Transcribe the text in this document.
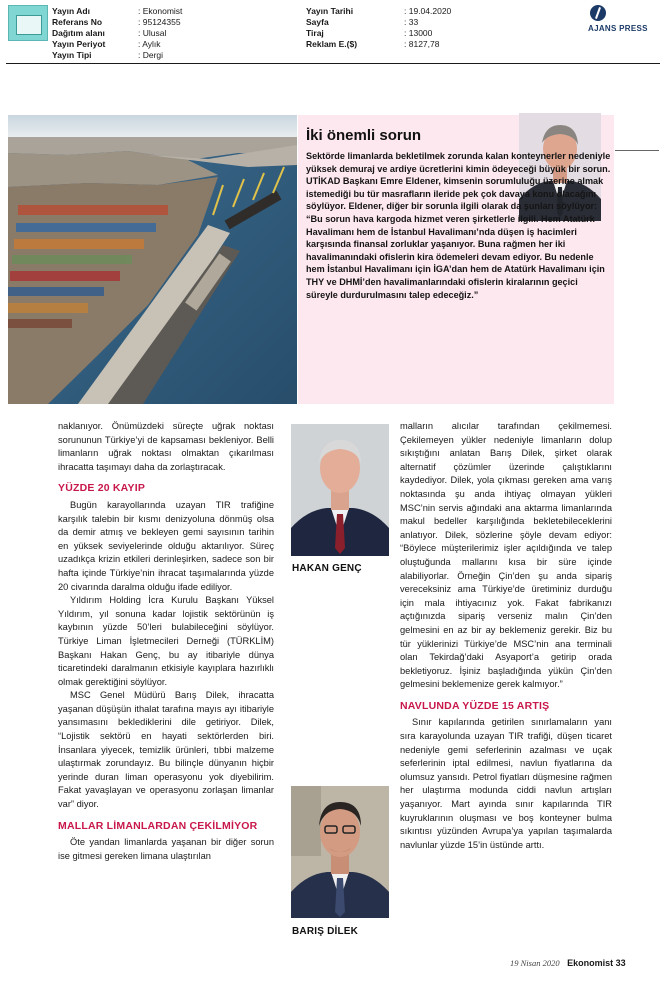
Yayın Adı	: Ekonomist
Referans No	: 95124355
Dağıtım alanı	: Ulusal
Yayın Periyot	: Aylık
Yayın Tipi	: Dergi
Yayın Tarihi	: 19.04.2020
Sayfa	: 33
Tiraj	: 13000
Reklam E.($)	: 8127,78
AJANS PRESS
İki önemli sorun

Sektörde limanlarda bekletilmek zorunda kalan konteynerler nedeniyle yüksek demuraj ve ardiye ücretlerini kimin ödeyeceği büyük bir sorun. UTİKAD Başkanı Emre Eldener, kimsenin sorumluluğu üzerine almak istemediği bu tür masrafların ileride pek çok davaya konu olacağını söylüyor. Eldener, diğer bir sorunla ilgili olarak da şunları söylüyor: “Bu sorun hava kargoda hizmet veren şirketlerle ilgili. Hem Atatürk Havalimanı hem de İstanbul Havalimanı’nda düşen iş hacimleri karşısında finansal zorluklar yaşanıyor. Buna rağmen her iki havalimanındaki ofislerin kira ödemeleri devam ediyor. Bu nedenle hem İstanbul Havalimanı için İGA’dan hem de Atatürk Havalimanı için THY ve DHMİ’den havalimanlarındaki ofislerin kiralarının geçici süreyle durdurulmasını talep edeceğiz.”

naklanıyor. Önümüzdeki süreçte uğrak noktası sorununun Türkiye’yi de kapsaması bekleniyor. Belli limanların uğrak noktası olmaktan çıkarılması ihracatta taşımayı daha da zorlaştıracak.

YÜZDE 20 KAYIP

Bugün karayollarında uzayan TIR trafiğine karşılık talebin bir kısmı denizyoluna dönmüş olsa da demir atmış ve bekleyen gemi sayısının tarihin en yüksek seviyelerinde olduğu aktarılıyor. Süreç uzadıkça krizin etkileri derinleşirken, sadece son bir hafta içinde Türkiye’nin ihracat taşımalarında yüzde 20 civarında daralma olduğu ifade ediliyor.

Yıldırım Holding İcra Kurulu Başkanı Yüksel Yıldırım, yıl sonuna kadar lojistik sektörünün iş kaybının yüzde 50’leri bulabileceğini söylüyor. Türkiye Liman İşletmecileri Derneği (TÜRKLİM) Başkanı Hakan Genç, bu ay itibariyle dünya ticaretindeki daralmanın etkisiyle kayıplara hazırlıklı olmak gerektiğini söylüyor.

MSC Genel Müdürü Barış Dilek, ihracatta yaşanan düşüşün ithalat tarafına mayıs ayı itibariyle yansımasını beklediklerini dile getiriyor. Dilek, “Lojistik sektörü en hayati sektörlerden biri. İnsanlara yiyecek, temizlik ürünleri, tıbbi malzeme ulaştırmak zorundayız. Bu bilinçle dünyanın hiçbir yerinde duran liman operasyonu yok diyebilirim. Fakat yavaşlayan ve operasyonu zorlaşan limanlar var” diyor.

MALLAR LİMANLARDAN ÇEKİLMİYOR

Öte yandan limanlarda yaşanan bir diğer sorun ise gitmesi gereken limana ulaştırılan

HAKAN GENÇ
BARIŞ DİLEK

malların alıcılar tarafından çekilmemesi. Çekilemeyen yükler nedeniyle limanların dolup sıkıştığını anlatan Barış Dilek, şirket olarak alternatif çözümler üzerinde çalıştıklarını kaydediyor. Dilek, yola çıkması gereken ama varış noktasında şu anda ihtiyaç olmayan yükleri MSC’nin servis ağındaki ana aktarma limanlarında makul bedeller karşılığında bekletebileceklerini anlatıyor. Dilek, sözlerine şöyle devam ediyor: “Böylece müşterilerimiz işler açıldığında ve talep oluştuğunda mallarını kısa bir süre içinde alabiliyorlar. Örneğin Çin’den şu anda sipariş vereceksiniz ama Türkiye’de üretiminiz durduğu için mala ihtiyacınız yok. Fakat fabrikanızı açtığınızda sipariş verseniz malın Çin’den gelmesini en az bir ay beklemeniz gerekir. Biz bu tür yüklerinizi Türkiye’de MSC’nin ana terminali olan Tekirdağ’daki Asyaport’a getirip orada bekletiyoruz. İşiniz başladığında yükün Çin’den gelmesini beklemenize gerek kalmıyor.”

NAVLUNDA YÜZDE 15 ARTIŞ

Sınır kapılarında getirilen sınırlamaların yanı sıra karayolunda uzayan TIR trafiği, düşen ticaret nedeniyle gemi seferlerinin azalması ve uçak seferlerinin iptal edilmesi, navlun fiyatlarına da olumsuz yansıdı. Petrol fiyatları düşmesine rağmen her ulaştırma modunda ciddi navlun artışları yaşanıyor. Mart ayında sınır kapılarında TIR kuyruklarının oluşması ve boş konteyner bulma sıkıntısı yüzünden Avrupa’ya yapılan taşımalarda navlunlar yüzde 15’in üstünde arttı.

19 Nisan 2020 Ekonomist 33
